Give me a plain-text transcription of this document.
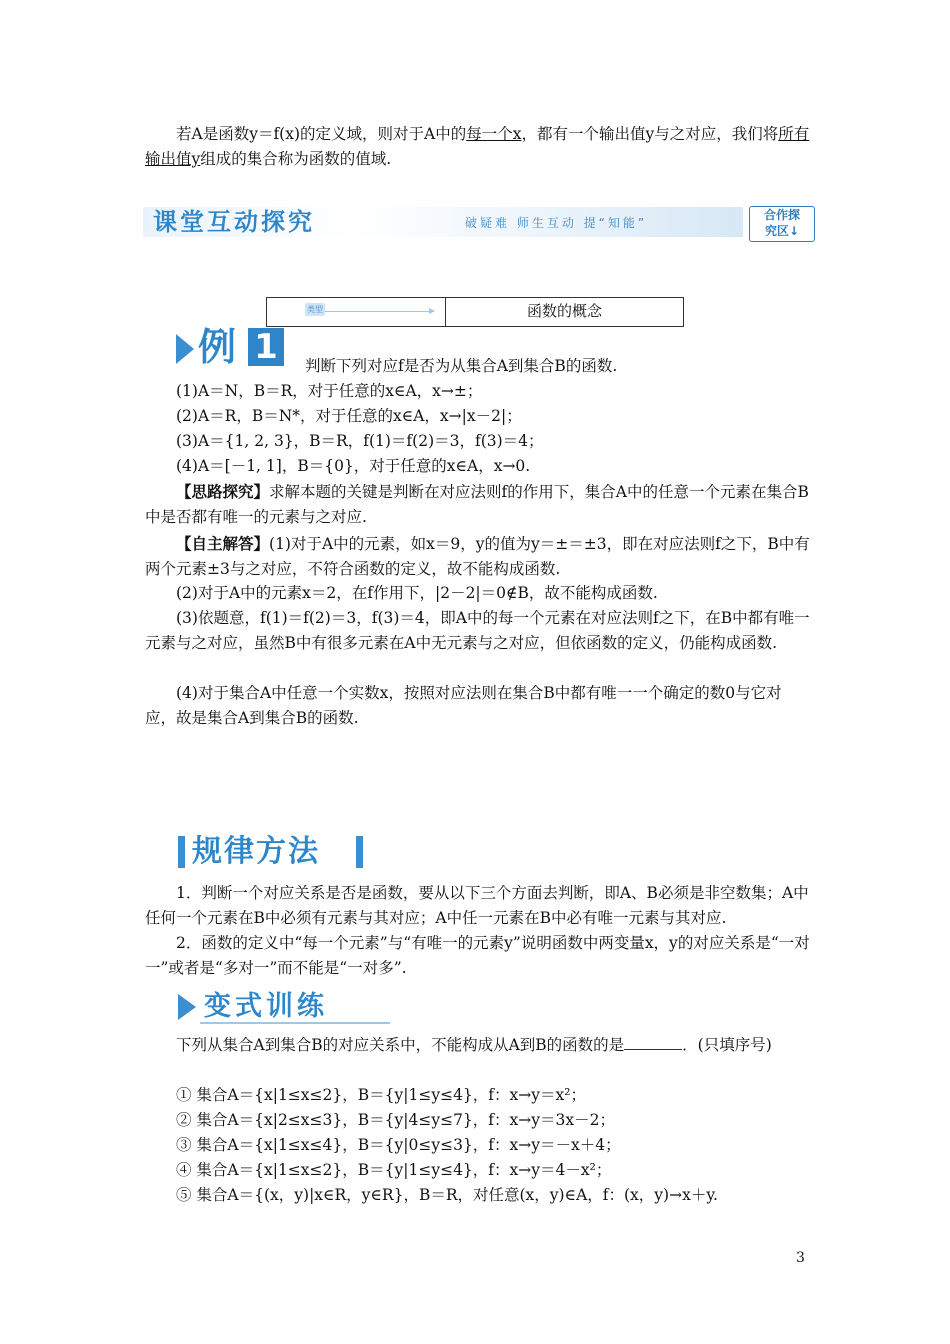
若A是函数y＝f(x)的定义域，则对于A中的每一个x，都有一个输出值y与之对应，我们将所有输出值y组成的集合称为函数的值域.

课堂互动探究	破疑难 师生互动 提“知能”
合作探
究区↓
类型	函数的概念
例 1	判断下列对应f是否为从集合A到集合B的函数.

(1)A＝N，B＝R，对于任意的x∈A，x→±；

(2)A＝R，B＝N*，对于任意的x∈A，x→|x－2|；

(3)A＝{1, 2, 3}，B＝R，f(1)＝f(2)＝3，f(3)＝4；

(4)A＝[－1, 1]，B＝{0}，对于任意的x∈A，x→0.

【思路探究】求解本题的关键是判断在对应法则f的作用下，集合A中的任意一个元素在集合B中是否都有唯一的元素与之对应.

【自主解答】(1)对于A中的元素，如x＝9，y的值为y＝±＝±3，即在对应法则f之下，B中有两个元素±3与之对应，不符合函数的定义，故不能构成函数.

(2)对于A中的元素x＝2，在f作用下，|2－2|＝0∉B，故不能构成函数.

(3)依题意，f(1)＝f(2)＝3，f(3)＝4，即A中的每一个元素在对应法则f之下，在B中都有唯一元素与之对应，虽然B中有很多元素在A中无元素与之对应，但依函数的定义，仍能构成函数.

(4)对于集合A中任意一个实数x，按照对应法则在集合B中都有唯一一个确定的数0与它对应，故是集合A到集合B的函数.

规律方法

1．判断一个对应关系是否是函数，要从以下三个方面去判断，即A、B必须是非空数集；A中任何一个元素在B中必须有元素与其对应；A中任一元素在B中必有唯一元素与其对应.

2．函数的定义中“每一个元素”与“有唯一的元素y”说明函数中两变量x，y的对应关系是“一对一”或者是“多对一”而不能是“一对多”.

变式训练

下列从集合A到集合B的对应关系中，不能构成从A到B的函数的是	．(只填序号)

① 集合A＝{x|1≤x≤2}，B＝{y|1≤y≤4}，f：x→y＝x²；

② 集合A＝{x|2≤x≤3}，B＝{y|4≤y≤7}，f：x→y＝3x－2；

③ 集合A＝{x|1≤x≤4}，B＝{y|0≤y≤3}，f：x→y＝－x＋4；

④ 集合A＝{x|1≤x≤2}，B＝{y|1≤y≤4}，f：x→y＝4－x²；

⑤ 集合A＝{(x，y)|x∈R，y∈R}，B＝R，对任意(x，y)∈A，f：(x，y)→x＋y.

3
